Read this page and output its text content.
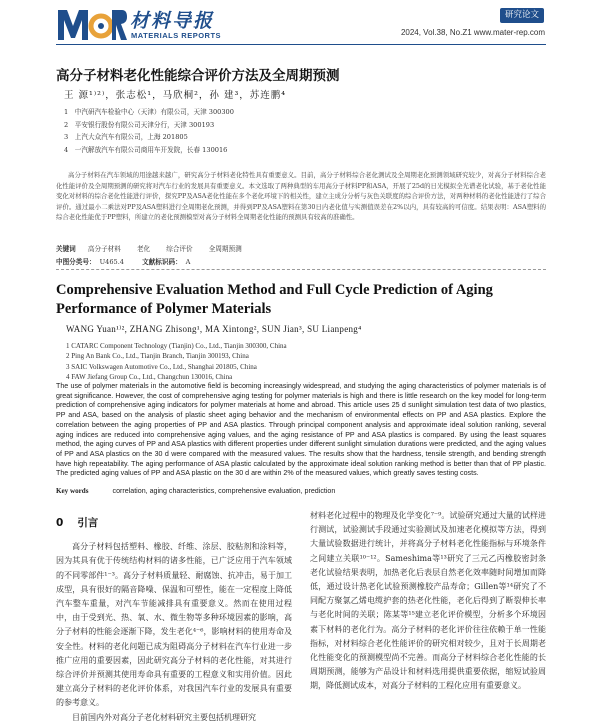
材料导报
MATERIALS REPORTS
研究论文
2024, Vol.38, No.Z1 www.mater-rep.com
高分子材料老化性能综合评价方法及全周期预测
王 源¹⁾²⁾，张志松¹，马欣桐²，孙 建³，苏连鹏⁴
1　 中汽研汽车检验中心（天津）有限公司，天津 300300
2　 平安银行股份有限公司天津分行，天津 300193
3　 上汽大众汽车有限公司，上海 201805
4　 一汽解放汽车有限公司商用车开发院，长春 130016
高分子材料在汽车领域的用途越来越广，研究高分子材料老化特性具有重要意义。目前，高分子材料综合老化测试及全周期老化预测领域研究较少，对高分子材料综合老化性能评价及全周期预测的研究将对汽车行业的发展具有重要意义。本文选取了两种典型的车用高分子材料PP和ASA，开展了25d的日光模拟全光谱老化试验，基于老化性能变化对材料的综合老化性能进行评价，探究PP及ASA老化性能在多个老化环境下的相关性，建立主成分分析与灰色关联度的综合评价方法，对两种材料的老化性能进行了综合评价。通过最小二乘法对PP及ASA塑料进行全周期老化预测，并得到PP及ASA塑料在第30日内老化值与实测值误差在2%以内，具有较高的可信度。结果表明：ASA塑料的综合老化性能优于PP塑料，所建立的老化预测模型对高分子材料全周期老化性能的预测具有较高的准确性。
关键词 高分子材料 老化 综合评价 全周期预测
中图分类号： U465.4	文献标识码： A
Comprehensive Evaluation Method and Full Cycle Prediction of Aging Performance of Polymer Materials
WANG Yuan¹⁾², ZHANG Zhisong¹, MA Xintong², SUN Jian³, SU Lianpeng⁴
1 CATARC Component Technology (Tianjin) Co., Ltd., Tianjin 300300, China
2 Ping An Bank Co., Ltd., Tianjin Branch, Tianjin 300193, China
3 SAIC Volkswagen Automotive Co., Ltd., Shanghai 201805, China
4 FAW Jiefang Group Co., Ltd., Changchun 130016, China
The use of polymer materials in the automotive field is becoming increasingly widespread, and studying the aging characteristics of polymer materials is of great significance. However, the cost of comprehensive aging testing for polymer materials is high and there is little research on the key model for long-term prediction of comprehensive aging indicators for polymer materials at home and abroad. This article uses 25 d sunlight simulation test data of two plastics, PP and ASA, based on the analysis of plastic sheet aging behavior and the mechanism of environmental effects on PP and ASA plastics. Explore the correlation between the aging properties of PP and ASA plastics. Through principal component analysis and approximate ideal solution ranking, several aging indices are reduced into comprehensive aging values, and the aging resistance of PP and ASA plastics is compared. By using the least squares method, the aging curves of PP and ASA plastics with different properties under different sunlight simulation durations were predicted, and the aging values of PP and ASA plastics on the 30 d were compared with the measured values. The results show that the hardness, tensile strength, and bending strength have high repeatability. The aging performance of ASA plastic calculated by the approximate ideal solution ranking method is better than that of PP plastic. The predicted aging values of PP and ASA plastic on the 30 d are within 2% of the measured values, which greatly saves testing costs.
Key words	correlation, aging characteristics, comprehensive evaluation, prediction
0 引言

高分子材料包括塑料、橡胶、纤维、涂层、胶粘剂和涂料等，因为其具有优于传统结构材料的诸多性能，已广泛应用于汽车领域的不同零部件¹⁻³。高分子材料质量轻、耐腐蚀、抗冲击，易于加工成型，具有很好的隔音降噪、保温和可塑性，能在一定程度上降低汽车整车重量，对汽车节能减排具有重要意义。然而在使用过程中，由于受到光、热、氧、水、微生物等多种环境因素的影响，高分子材料的性能会逐渐下降，发生老化⁴⁻⁶，影响材料的使用寿命及安全性。材料的老化问题已成为阻碍高分子材料在汽车行业进一步推广应用的重要因素，因此研究高分子材料的老化性能，对其进行综合评价并预测其使用寿命具有重要的工程意义和实用价值。因此建立高分子材料的老化评价体系，对我国汽车行业的发展具有重要的参考意义。

目前国内外对高分子老化材料研究主要包括机理研究

材料老化过程中的物理及化学变化⁷⁻⁹。试验研究通过大量的试样进行测试，试验测试手段通过实验测试及加速老化模拟等方法，得到大量试验数据进行统计，并将高分子材料老化性能指标与环境条件之间建立关联¹⁰⁻¹²。Sameshima等¹³研究了三元乙丙橡胶密封条老化试验结果表明，加热老化后表层自然老化效率随时间增加而降低，通过设计热老化试验预测橡胶产品寿命；Gillen等¹⁴研究了不同配方聚氯乙烯电缆护套的热老化性能，老化后得到了断裂伸长率与老化时间的关联；陈某等¹⁵建立老化评价模型，分析多个环境因素下材料的老化行为。高分子材料的老化评价往往依赖于单一性能指标，对材料综合老化性能评价的研究相对较少，且对于长周期老化性能变化的预测模型尚不完善。而高分子材料综合老化性能的长周期预测，能够为产品设计和材料选用提供重要依据，缩短试验周期，降低测试成本，对高分子材料的工程化应用有重要意义。
